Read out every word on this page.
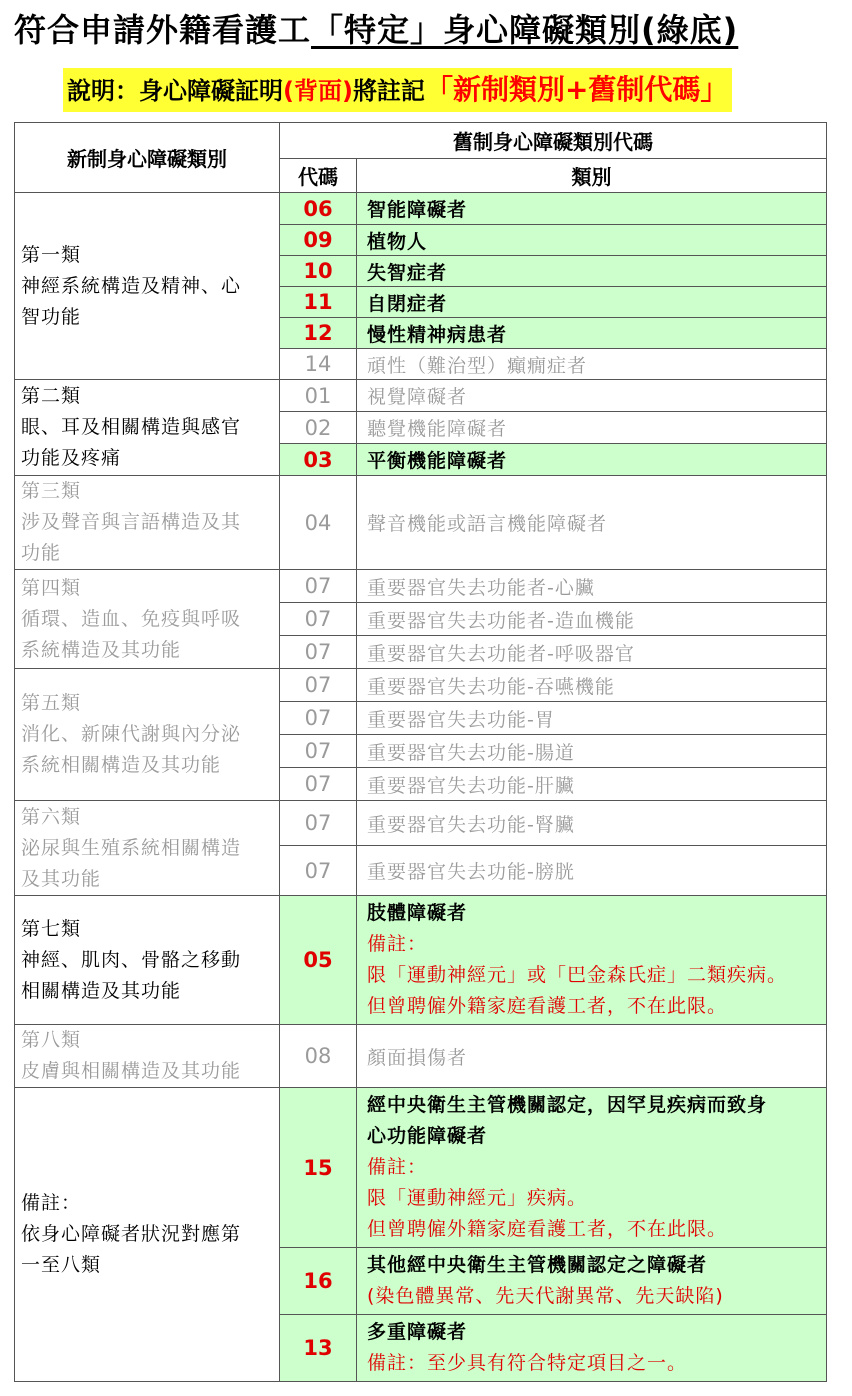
符合申請外籍看護工「特定」身心障礙類別(綠底)
說明：身心障礙証明(背面)將註記「新制類別+舊制代碼」
新制身心障礙類別	舊制身心障礙類別代碼	
	代碼	類別

第一類
神經系統構造及精神、心
智功能	06	智能障礙者
	09	植物人
	10	失智症者
	11	自閉症者
	12	慢性精神病患者
	14	頑性（難治型）癲癇症者

第二類
眼、耳及相關構造與感官
功能及疼痛	01	視覺障礙者
	02	聽覺機能障礙者
	03	平衡機能障礙者

第三類
涉及聲音與言語構造及其
功能	04	聲音機能或語言機能障礙者

第四類
循環、造血、免疫與呼吸
系統構造及其功能	07	重要器官失去功能者-心臟
	07	重要器官失去功能者-造血機能
	07	重要器官失去功能者-呼吸器官

第五類
消化、新陳代謝與內分泌
系統相關構造及其功能	07	重要器官失去功能-吞嚥機能
	07	重要器官失去功能-胃
	07	重要器官失去功能-腸道
	07	重要器官失去功能-肝臟

第六類
泌尿與生殖系統相關構造
及其功能	07	重要器官失去功能-腎臟
	07	重要器官失去功能-膀胱

第七類
神經、肌肉、骨骼之移動
相關構造及其功能	05	肢體障礙者
備註：
限「運動神經元」或「巴金森氏症」二類疾病。
但曾聘僱外籍家庭看護工者，不在此限。

第八類
皮膚與相關構造及其功能	08	顏面損傷者

備註：
依身心障礙者狀況對應第
一至八類	15	經中央衛生主管機關認定，因罕見疾病而致身
心功能障礙者
備註：
限「運動神經元」疾病。
但曾聘僱外籍家庭看護工者，不在此限。

	16	其他經中央衛生主管機關認定之障礙者
(染色體異常、先天代謝異常、先天缺陷)

	13	多重障礙者
備註：至少具有符合特定項目之一。
